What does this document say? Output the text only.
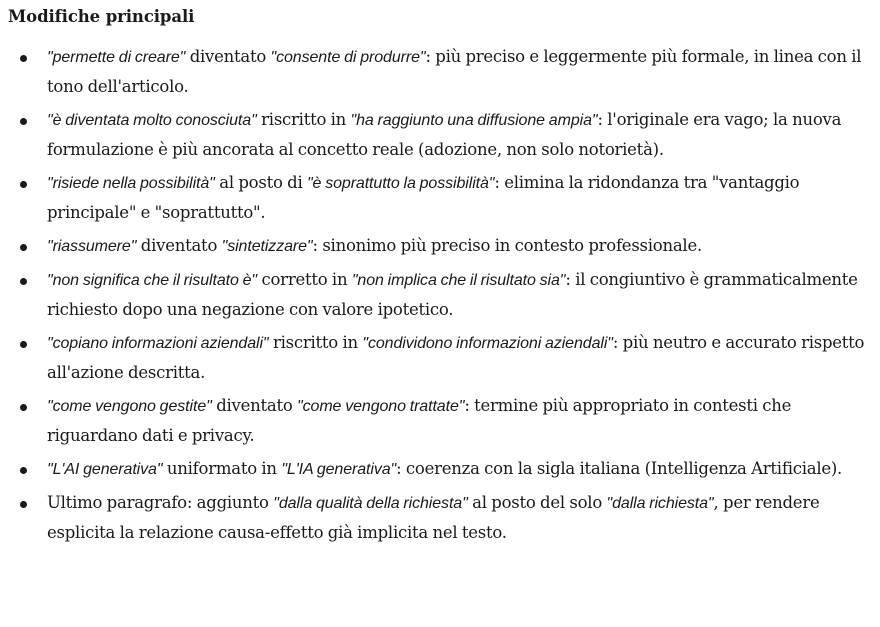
Modifiche principali
"permette di creare" diventato "consente di produrre": più preciso e leggermente più formale, in linea con il tono dell'articolo.
"è diventata molto conosciuta" riscritto in "ha raggiunto una diffusione ampia": l'originale era vago; la nuova formulazione è più ancorata al concetto reale (adozione, non solo notorietà).
"risiede nella possibilità" al posto di "è soprattutto la possibilità": elimina la ridondanza tra "vantaggio principale" e "soprattutto".
"riassumere" diventato "sintetizzare": sinonimo più preciso in contesto professionale.
"non significa che il risultato è" corretto in "non implica che il risultato sia": il congiuntivo è grammaticalmente richiesto dopo una negazione con valore ipotetico.
"copiano informazioni aziendali" riscritto in "condividono informazioni aziendali": più neutro e accurato rispetto all'azione descritta.
"come vengono gestite" diventato "come vengono trattate": termine più appropriato in contesti che riguardano dati e privacy.
"L'AI generativa" uniformato in "L'IA generativa": coerenza con la sigla italiana (Intelligenza Artificiale).
Ultimo paragrafo: aggiunto "dalla qualità della richiesta" al posto del solo "dalla richiesta", per rendere esplicita la relazione causa-effetto già implicita nel testo.
